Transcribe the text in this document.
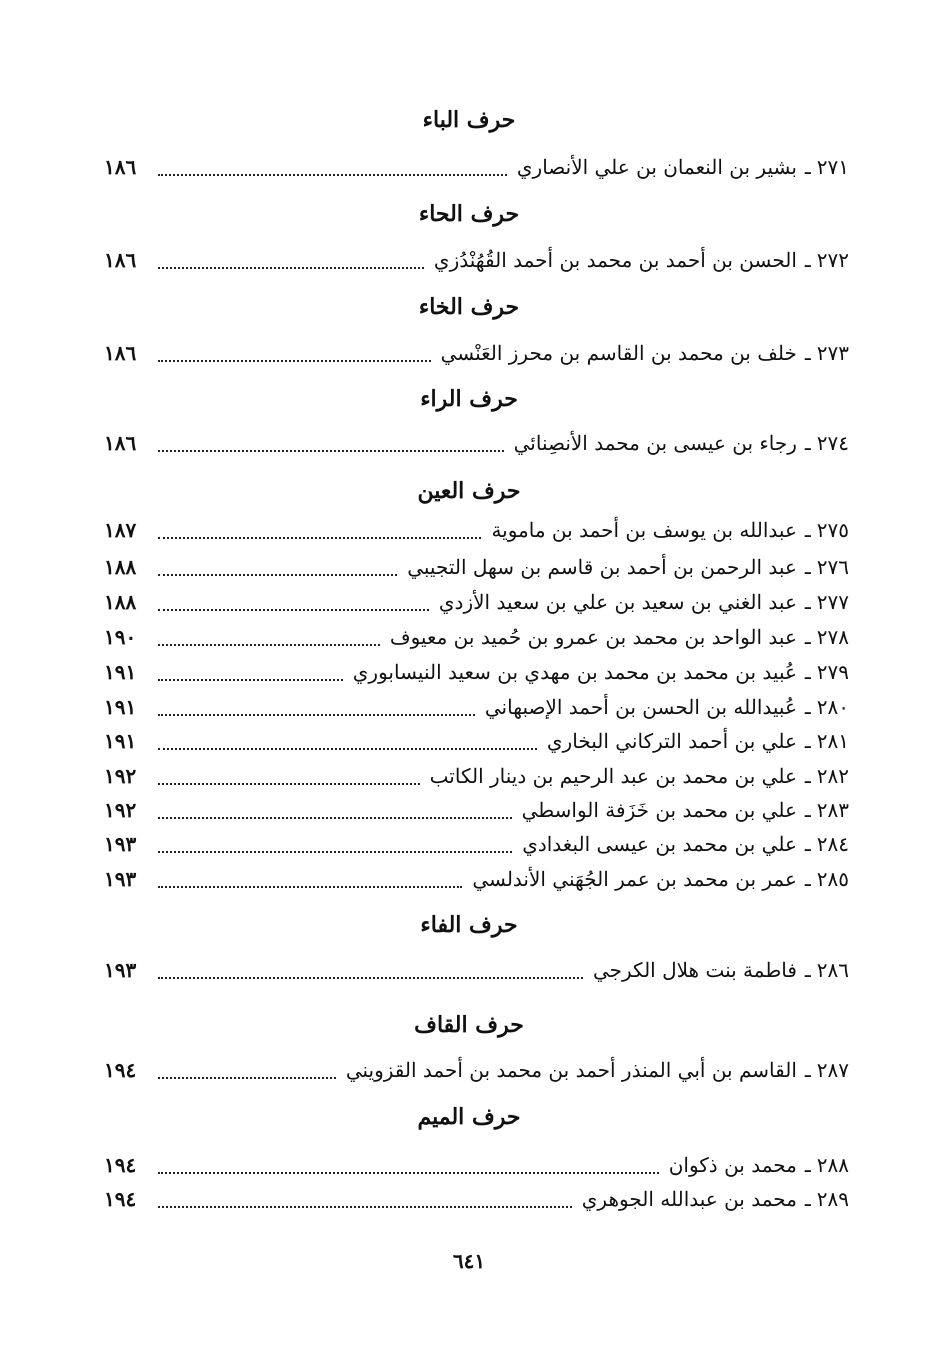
حرف الباء
٢٧١
ـ
بشير بن النعمان بن علي الأنصاري
١٨٦
حرف الحاء
٢٧٢
ـ
الحسن بن أحمد بن محمد بن أحمد القُهُنْدُزي
١٨٦
حرف الخاء
٢٧٣
ـ
خلف بن محمد بن القاسم بن محرز العَنْسي
١٨٦
حرف الراء
٢٧٤
ـ
رجاء بن عيسى بن محمد الأنصِنائي
١٨٦
حرف العين
٢٧٥
ـ
عبدالله بن يوسف بن أحمد بن ماموية
١٨٧
٢٧٦
ـ
عبد الرحمن بن أحمد بن قاسم بن سهل التجيبي
١٨٨
٢٧٧
ـ
عبد الغني بن سعيد بن علي بن سعيد الأزدي
١٨٨
٢٧٨
ـ
عبد الواحد بن محمد بن عمرو بن حُميد بن معيوف
١٩٠
٢٧٩
ـ
عُبيد بن محمد بن محمد بن مهدي بن سعيد النيسابوري
١٩١
٢٨٠
ـ
عُبيدالله بن الحسن بن أحمد الإصبهاني
١٩١
٢٨١
ـ
علي بن أحمد التركاني البخاري
١٩١
٢٨٢
ـ
علي بن محمد بن عبد الرحيم بن دينار الكاتب
١٩٢
٢٨٣
ـ
علي بن محمد بن خَزَفة الواسطي
١٩٢
٢٨٤
ـ
علي بن محمد بن عيسى البغدادي
١٩٣
٢٨٥
ـ
عمر بن محمد بن عمر الجُهَني الأندلسي
١٩٣
حرف الفاء
٢٨٦
ـ
فاطمة بنت هلال الكرجي
١٩٣
حرف القاف
٢٨٧
ـ
القاسم بن أبي المنذر أحمد بن محمد بن أحمد القزويني
١٩٤
حرف الميم
٢٨٨
ـ
محمد بن ذكوان
١٩٤
٢٨٩
ـ
محمد بن عبدالله الجوهري
١٩٤
٦٤١
